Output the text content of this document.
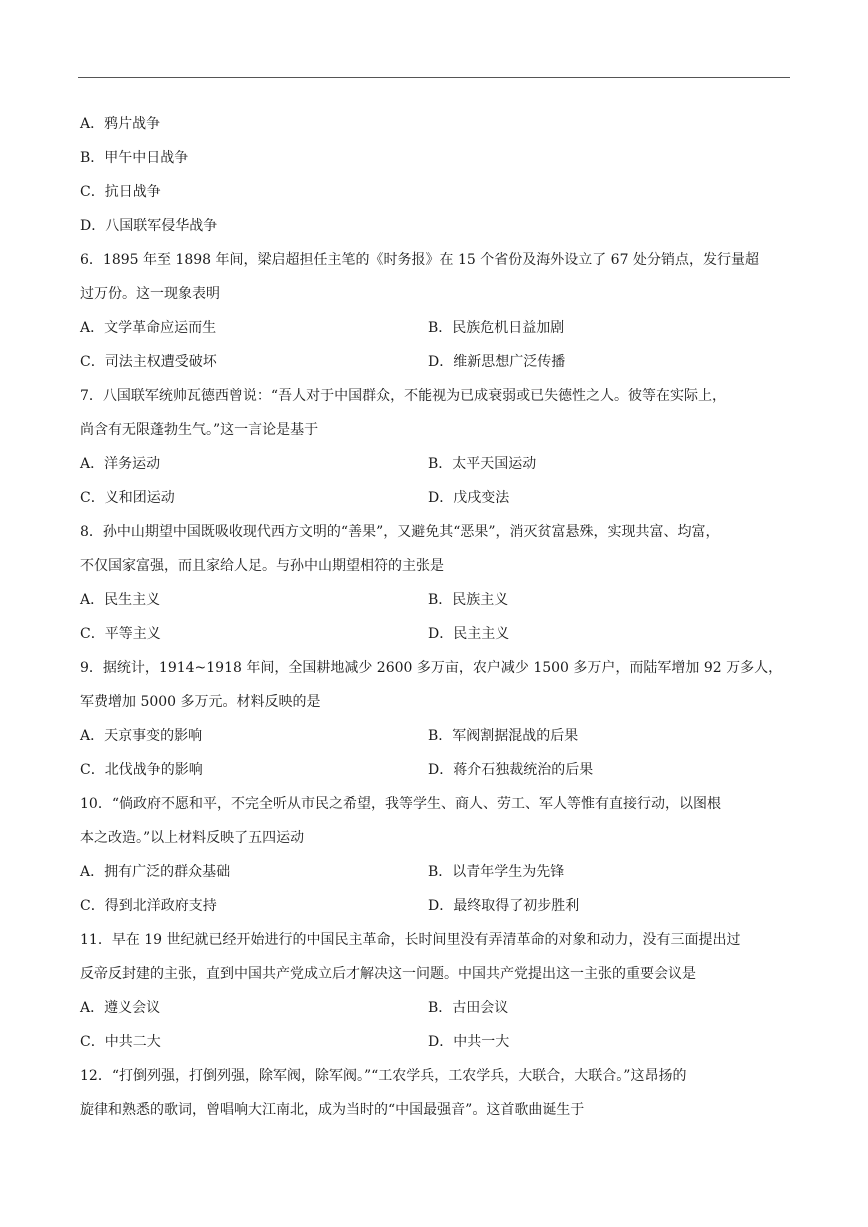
A．鸦片战争
B．甲午中日战争
C．抗日战争
D．八国联军侵华战争
6．1895 年至 1898 年间，梁启超担任主笔的《时务报》在 15 个省份及海外设立了 67 处分销点，发行量超
过万份。这一现象表明
A．文学革命应运而生	B．民族危机日益加剧
C．司法主权遭受破坏	D．维新思想广泛传播
7．八国联军统帅瓦德西曾说：“吾人对于中国群众，不能视为已成衰弱或已失德性之人。彼等在实际上，
尚含有无限蓬勃生气。”这一言论是基于
A．洋务运动	B．太平天国运动
C．义和团运动	D．戊戌变法
8．孙中山期望中国既吸收现代西方文明的“善果”，又避免其“恶果”，消灭贫富悬殊，实现共富、均富，
不仅国家富强，而且家给人足。与孙中山期望相符的主张是
A．民生主义	B．民族主义
C．平等主义	D．民主主义
9．据统计，1914~1918 年间，全国耕地减少 2600 多万亩，农户减少 1500 多万户，而陆军增加 92 万多人，
军费增加 5000 多万元。材料反映的是
A．天京事变的影响	B．军阀割据混战的后果
C．北伐战争的影响	D．蒋介石独裁统治的后果
10．“倘政府不愿和平，不完全听从市民之希望，我等学生、商人、劳工、军人等惟有直接行动，以图根
本之改造。”以上材料反映了五四运动
A．拥有广泛的群众基础	B．以青年学生为先锋
C．得到北洋政府支持	D．最终取得了初步胜利
11．早在 19 世纪就已经开始进行的中国民主革命，长时间里没有弄清革命的对象和动力，没有三面提出过
反帝反封建的主张，直到中国共产党成立后才解决这一问题。中国共产党提出这一主张的重要会议是
A．遵义会议	B．古田会议
C．中共二大	D．中共一大
12．“打倒列强，打倒列强，除军阀，除军阀。”“工农学兵，工农学兵，大联合，大联合。”这昂扬的
旋律和熟悉的歌词，曾唱响大江南北，成为当时的“中国最强音”。这首歌曲诞生于
